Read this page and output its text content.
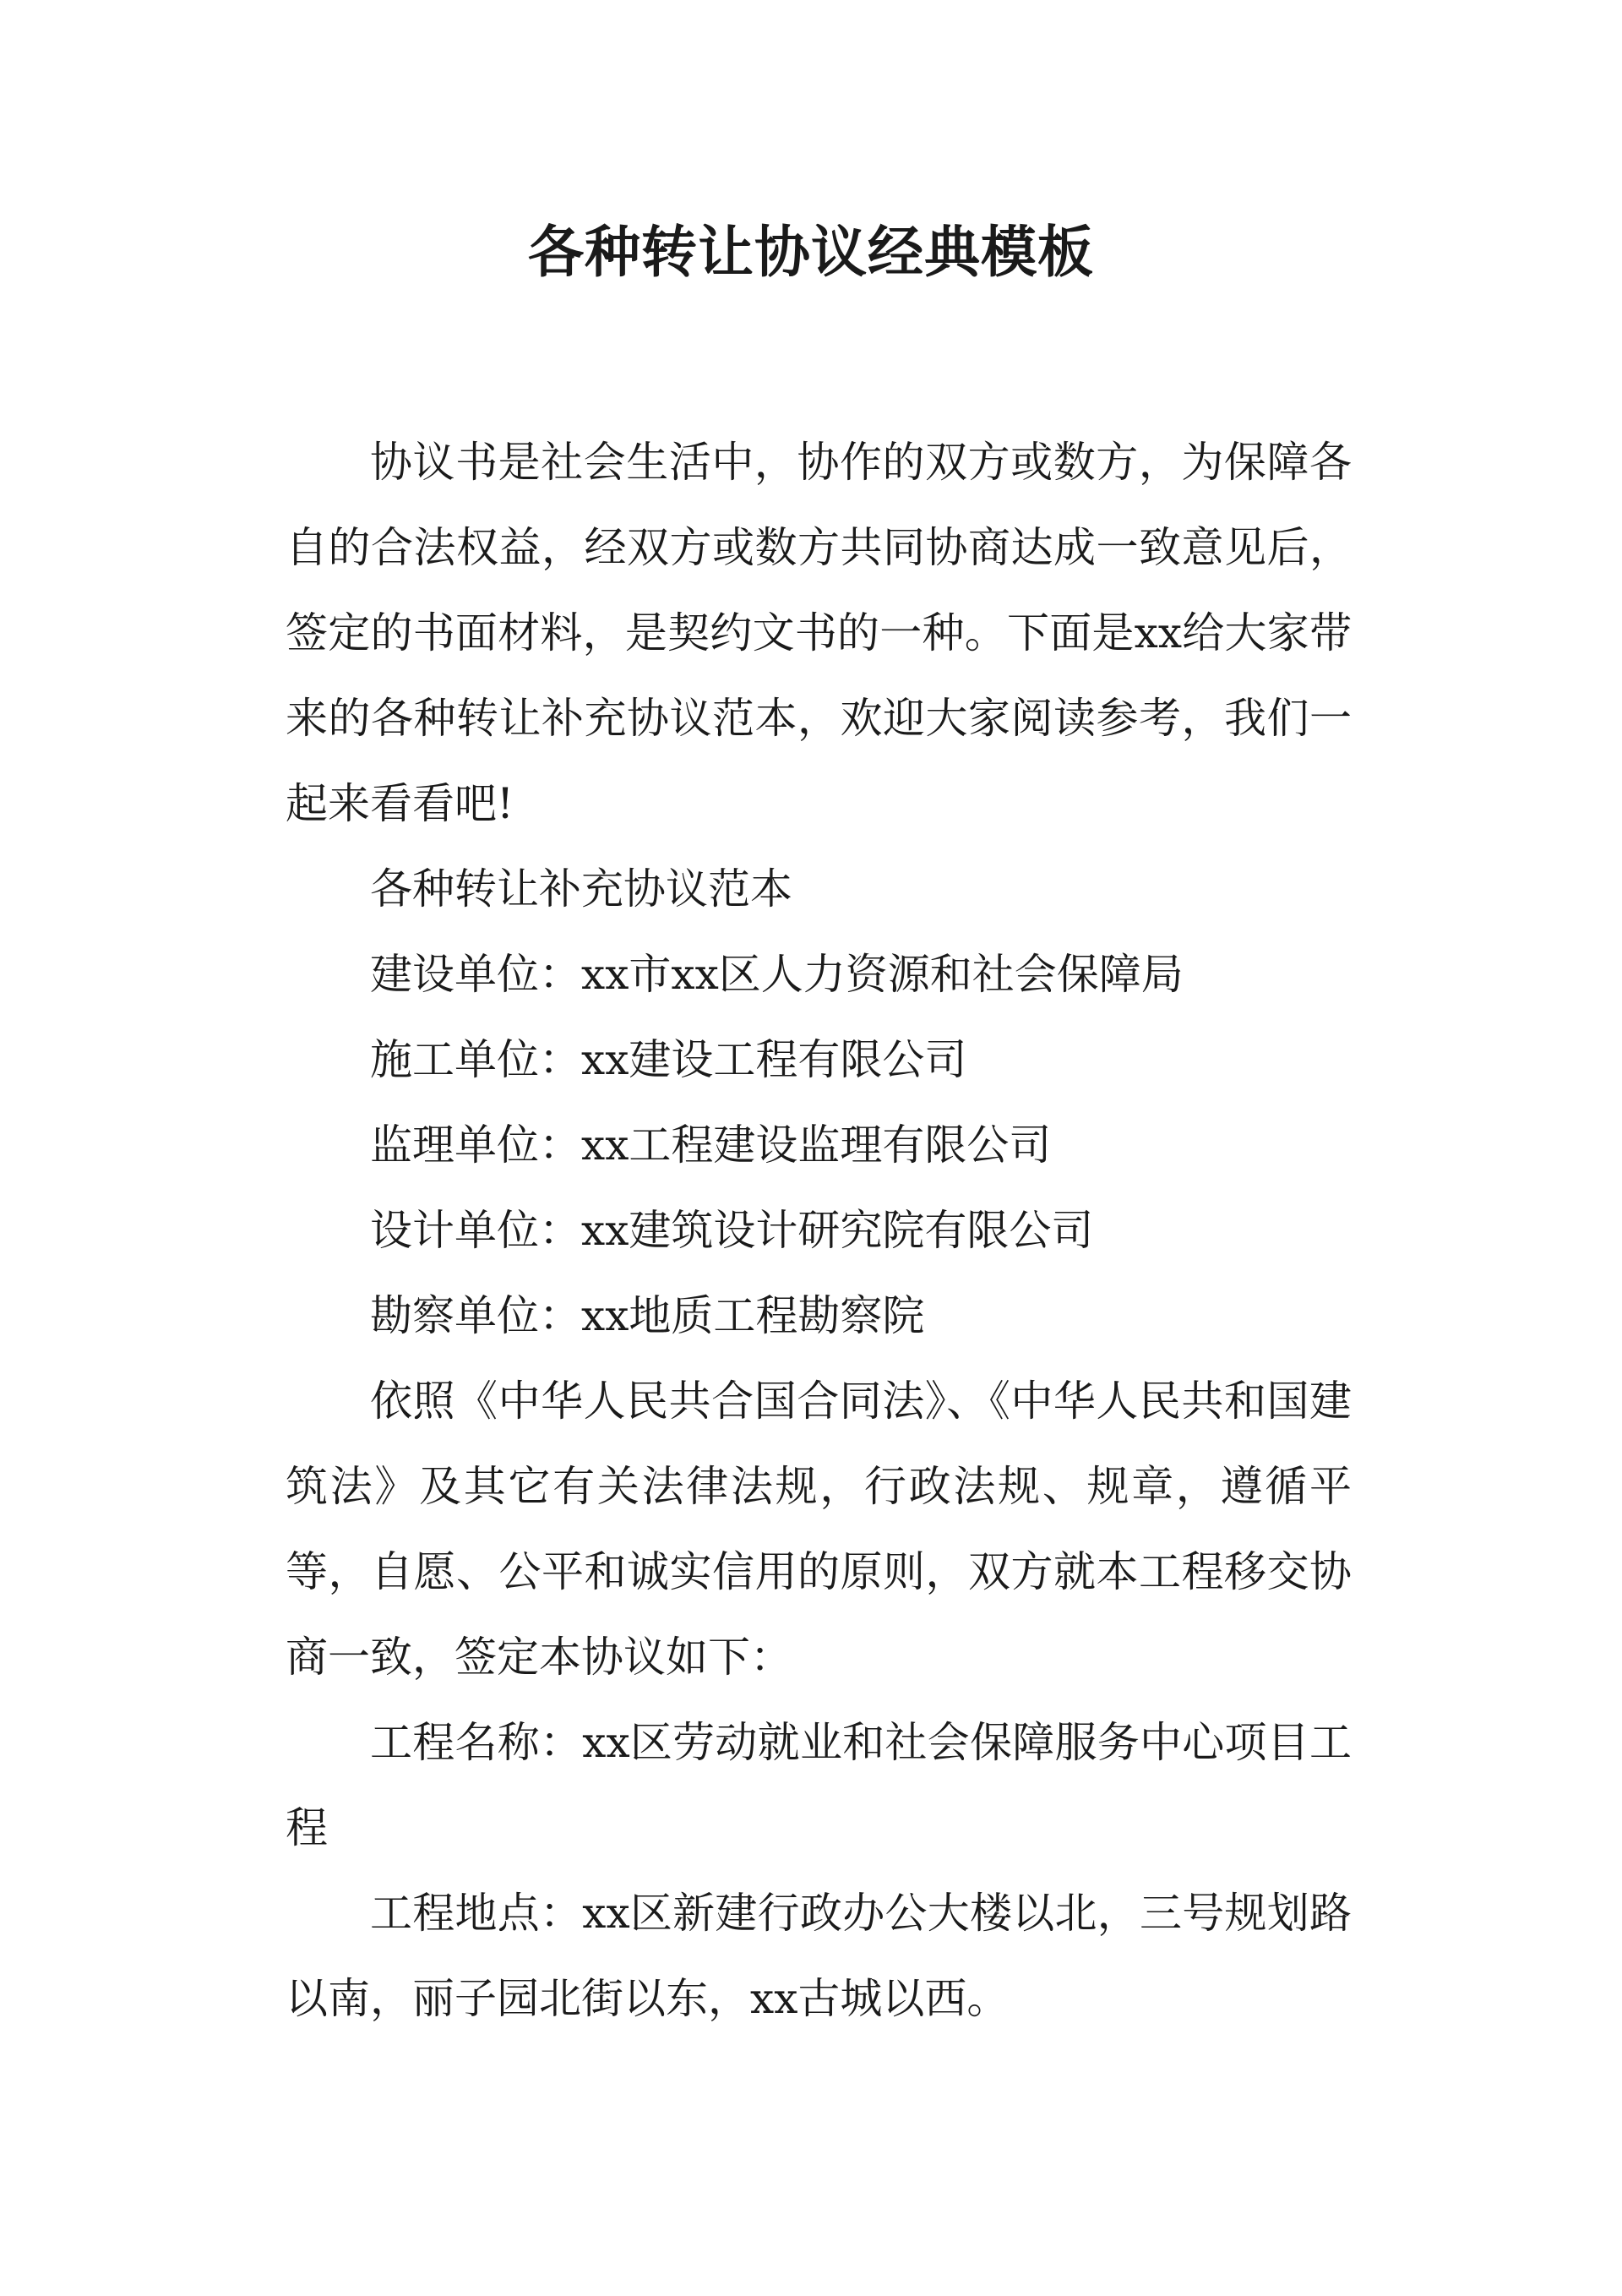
各种转让协议经典模板

协议书是社会生活中，协作的双方或数方，为保障各自的合法权益，经双方或数方共同协商达成一致意见后，签定的书面材料，是契约文书的一种。下面是xx给大家带来的各种转让补充协议范本，欢迎大家阅读参考，我们一起来看看吧!

各种转让补充协议范本

建设单位：xx市xx区人力资源和社会保障局

施工单位：xx建设工程有限公司

监理单位：xx工程建设监理有限公司

设计单位：xx建筑设计研究院有限公司

勘察单位：xx地质工程勘察院

依照《中华人民共合国合同法》、《中华人民共和国建筑法》及其它有关法律法规，行政法规、规章，遵循平等，自愿、公平和诚实信用的原则，双方就本工程移交协商一致，签定本协议如下：

工程名称：xx区劳动就业和社会保障服务中心项目工程

工程地点：xx区新建行政办公大楼以北，三号规划路以南，丽子园北街以东，xx古城以西。
